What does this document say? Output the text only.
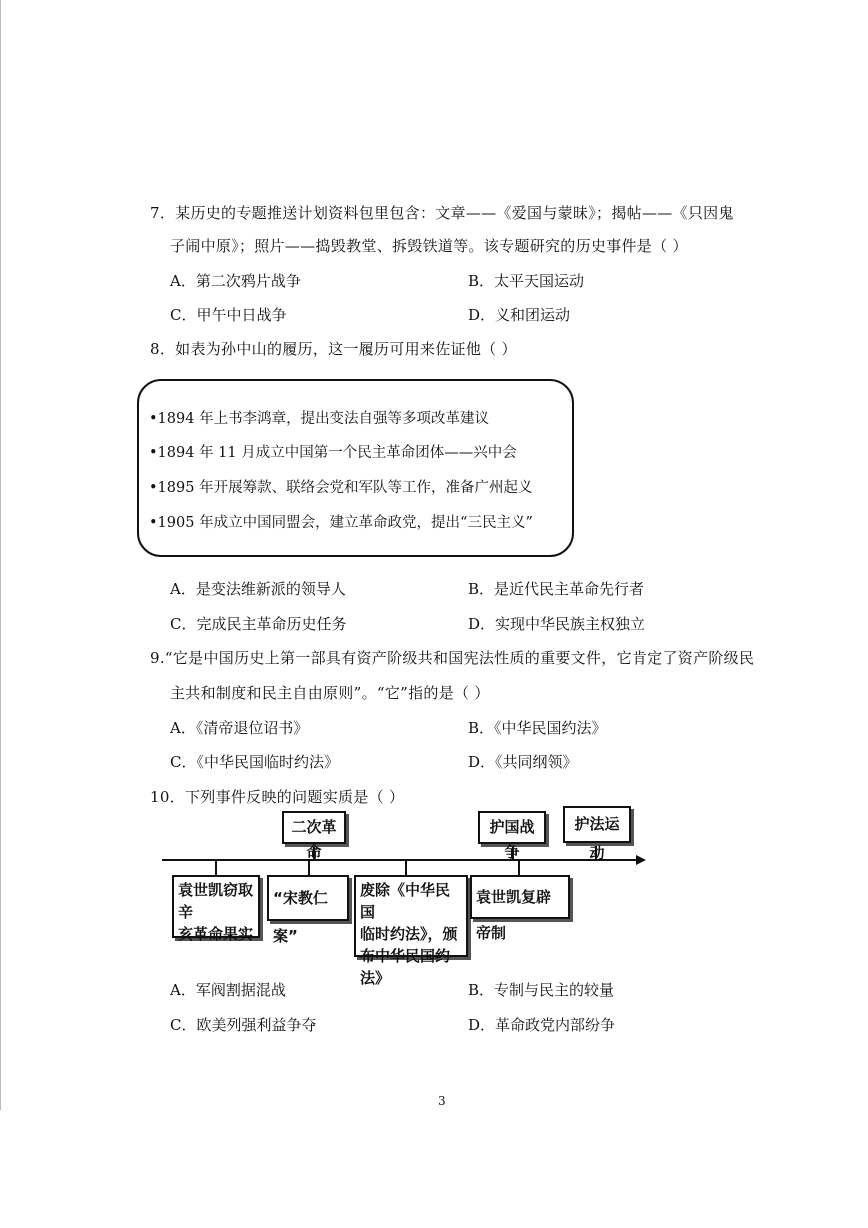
7．某历史的专题推送计划资料包里包含：文章——《爱国与蒙昧》；揭帖——《只因鬼
子闹中原》；照片——捣毁教堂、拆毁铁道等。该专题研究的历史事件是（ ）
A．第二次鸦片战争	B．太平天国运动
C．甲午中日战争	D．义和团运动
8．如表为孙中山的履历，这一履历可用来佐证他（ ）
•1894 年上书李鸿章，提出变法自强等多项改革建议
•1894 年 11 月成立中国第一个民主革命团体——兴中会
•1895 年开展筹款、联络会党和军队等工作，准备广州起义
•1905 年成立中国同盟会，建立革命政党，提出“三民主义”
A．是变法维新派的领导人	B．是近代民主革命先行者
C．完成民主革命历史任务	D．实现中华民族主权独立
9.“它是中国历史上第一部具有资产阶级共和国宪法性质的重要文件，它肯定了资产阶级民
主共和制度和民主自由原则”。“它”指的是（ ）
A．《清帝退位诏书》	B．《中华民国约法》
C．《中华民国临时约法》	D．《共同纲领》
10．下列事件反映的问题实质是（ ）
二次革命
护国战争
护法运动
袁世凯窃取辛
亥革命果实
“宋教仁案”
废除《中华民国
临时约法》，颁
布中华民国约法》
袁世凯复辟帝制
A．军阀割据混战	B．专制与民主的较量
C．欧美列强利益争夺	D．革命政党内部纷争
3
